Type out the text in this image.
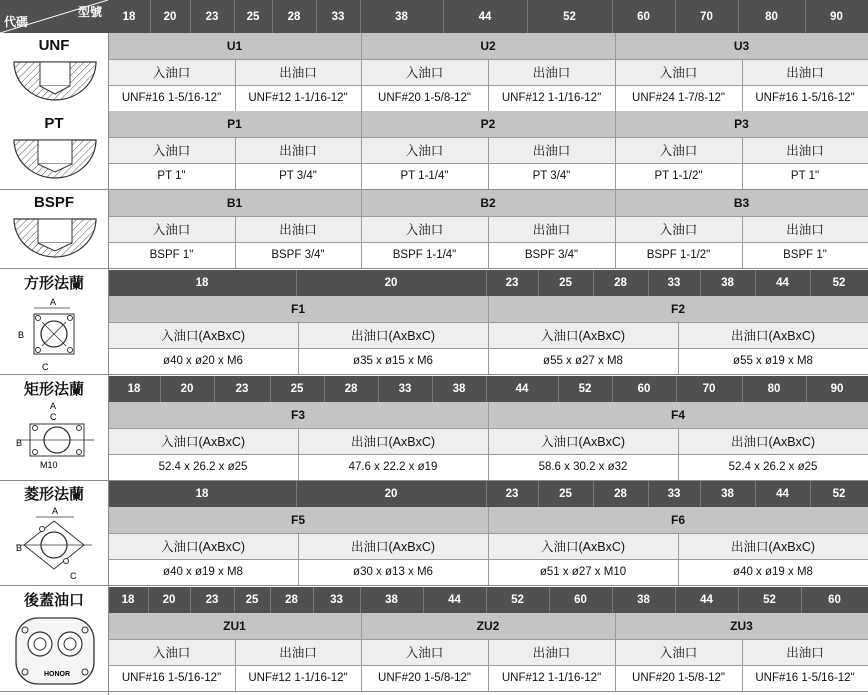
代碼
型號	18	20	23	25	28	33	38	44	52	60	70	80	90
UNF	U1
入油口	出油口
UNF#16 1-5/16-12"	UNF#12 1-1/16-12"
U2
入油口	出油口
UNF#20 1-5/8-12"	UNF#12 1-1/16-12"
U3
入油口	出油口
UNF#24 1-7/8-12"	UNF#16 1-5/16-12"
PT	P1
入油口	出油口
PT 1"	PT 3/4"
P2
入油口	出油口
PT 1-1/4"	PT 3/4"
P3
入油口	出油口
PT 1-1/2"	PT 1"
BSPF	B1
入油口	出油口
BSPF 1"	BSPF 3/4"
B2
入油口	出油口
BSPF 1-1/4"	BSPF 3/4"
B3
入油口	出油口
BSPF 1-1/2"	BSPF 1"
18	20	23	25	28	33	38	44	52
方形法蘭
F1
入油口(AxBxC)	出油口(AxBxC)
ø40 x ø20 x M6	ø35 x ø15 x M6
F2
入油口(AxBxC)	出油口(AxBxC)
ø55 x ø27 x M8	ø55 x ø19 x M8
18	20	23	25	28	33	38	44	52	60	70	80	90
矩形法蘭
F3
入油口(AxBxC)	出油口(AxBxC)
52.4 x 26.2 x ø25	47.6 x 22.2 x ø19
F4
入油口(AxBxC)	出油口(AxBxC)
58.6 x 30.2 x ø32	52.4 x 26.2 x ø25
18	20	23	25	28	33	38	44	52
菱形法蘭
F5
入油口(AxBxC)	出油口(AxBxC)
ø40 x ø19 x M8	ø30 x ø13 x M6
F6
入油口(AxBxC)	出油口(AxBxC)
ø51 x ø27 x M10	ø40 x ø19 x M8
18	20	23	25	28	33	38	44	52	60	38	44	52	60
後蓋油口
ZU1
入油口	出油口
UNF#16 1-5/16-12"	UNF#12 1-1/16-12"
ZU2
入油口	出油口
UNF#20 1-5/8-12"	UNF#12 1-1/16-12"
ZU3
入油口	出油口
UNF#20 1-5/8-12"	UNF#16 1-5/16-12"
A
B
C
A
C
B
M10
A
B
C
HONOR
